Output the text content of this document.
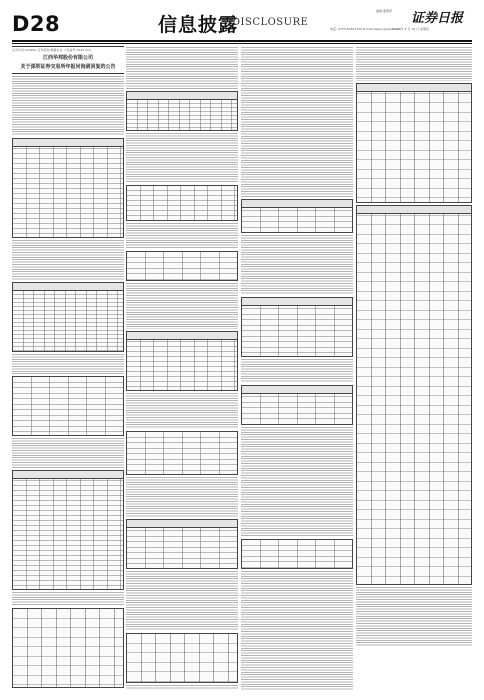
D28	信息披露
DISCLOSURE
编辑 董事邦
电话: 0755-83501750 E-mail:zqsbyx@zqsb.com
证券日报
2020 年 4 月 16 日 星期四
证券代码:000860 证券简称:顺鑫农业 公告编号:2020-024
江西华邦股份有限公司
关于深圳证券交易所年报问询函回复的公告
